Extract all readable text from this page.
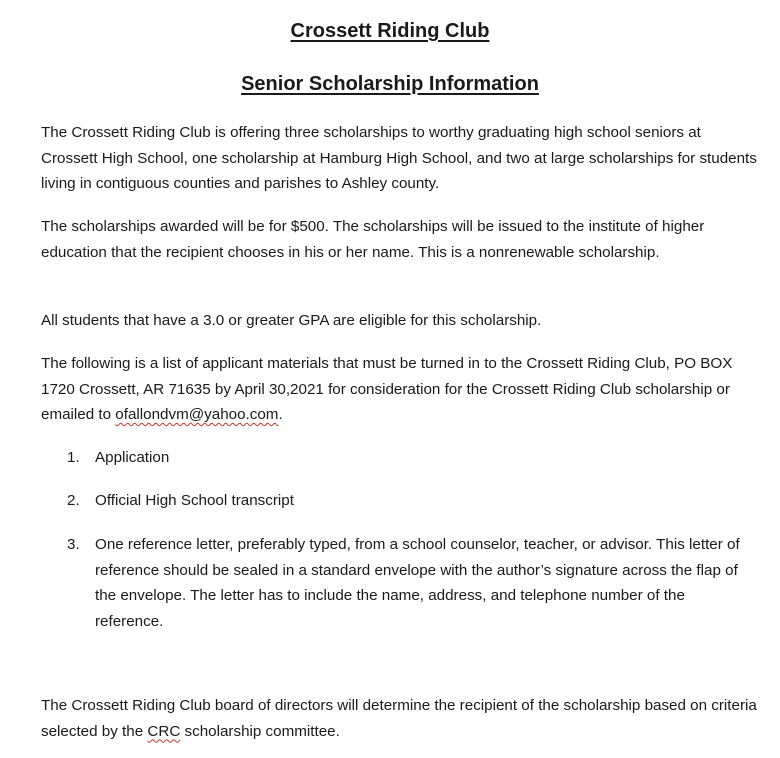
Crossett Riding Club
Senior Scholarship Information

The Crossett Riding Club is offering three scholarships to worthy graduating high school seniors at Crossett High School, one scholarship at Hamburg High School, and two at large scholarships for students living in contiguous counties and parishes to Ashley county.

The scholarships awarded will be for $500. The scholarships will be issued to the institute of higher education that the recipient chooses in his or her name. This is a nonrenewable scholarship.

All students that have a 3.0 or greater GPA are eligible for this scholarship.

The following is a list of applicant materials that must be turned in to the Crossett Riding Club, PO BOX 1720 Crossett, AR 71635 by April 30,2021 for consideration for the Crossett Riding Club scholarship or emailed to ofallondvm@yahoo.com.

1.	Application
2.	Official High School transcript
3.	One reference letter, preferably typed, from a school counselor, teacher, or advisor. This letter of reference should be sealed in a standard envelope with the author’s signature across the flap of the envelope. The letter has to include the name, address, and telephone number of the reference.

The Crossett Riding Club board of directors will determine the recipient of the scholarship based on criteria selected by the CRC scholarship committee.
